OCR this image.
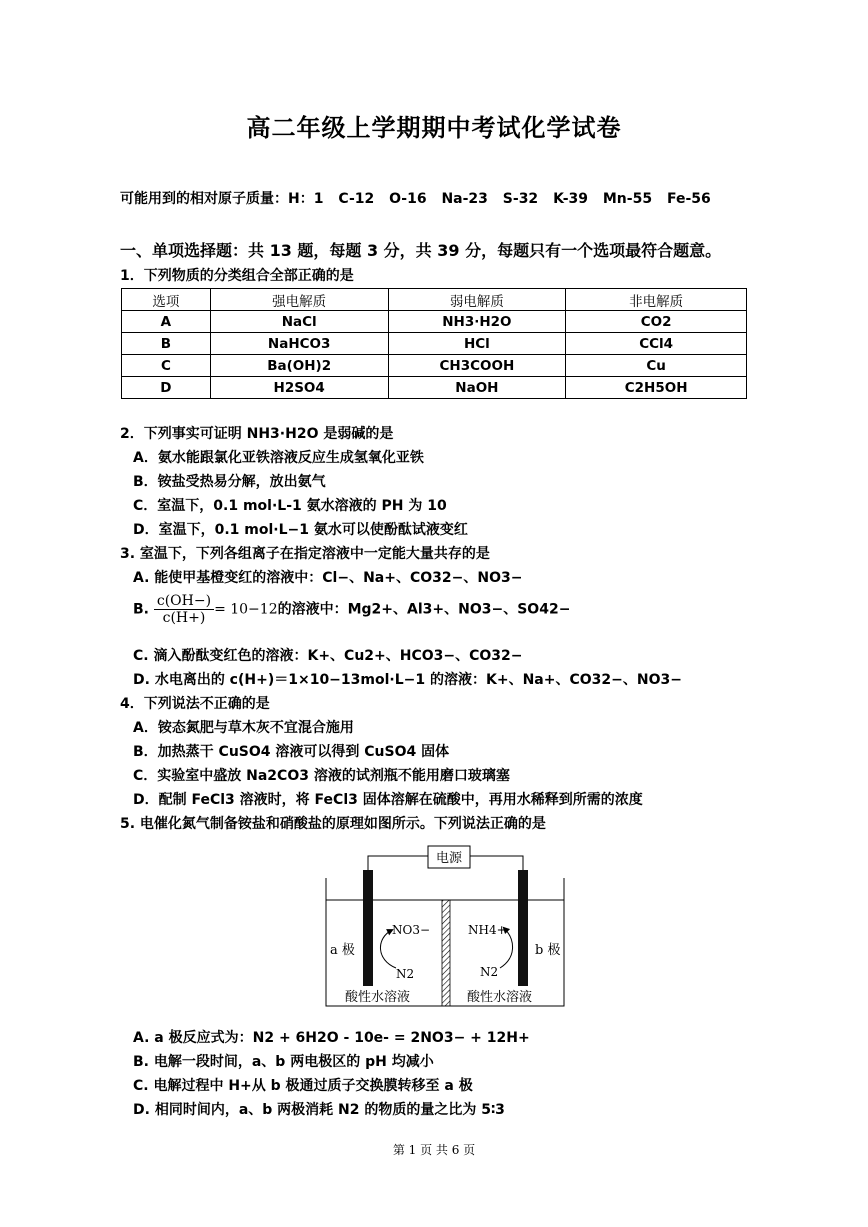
高二年级上学期期中考试化学试卷
可能用到的相对原子质量：H：1 C-12 O-16 Na-23 S-32 K-39 Mn-55 Fe-56
一、单项选择题：共 13 题，每题 3 分，共 39 分，每题只有一个选项最符合题意。
1．下列物质的分类组合全部正确的是
选项	强电解质	弱电解质	非电解质
A	NaCl	NH3·H2O	CO2
B	NaHCO3	HCl	CCl4
C	Ba(OH)2	CH3COOH	Cu
D	H2SO4	NaOH	C2H5OH
2．下列事实可证明 NH3·H2O 是弱碱的是
A．氨水能跟氯化亚铁溶液反应生成氢氧化亚铁
B．铵盐受热易分解，放出氨气
C．室温下，0.1 mol·L-1 氨水溶液的 PH 为 10
D．室温下，0.1 mol·L−1 氨水可以使酚酞试液变红
3. 室温下，下列各组离子在指定溶液中一定能大量共存的是
A. 能使甲基橙变红的溶液中：Cl−、Na+、CO32−、NO3−
B. $\frac{c(OH-)}{c(H+)} = 10-12$的溶液中：Mg2+、Al3+、NO3−、SO42−
C. 滴入酚酞变红色的溶液：K+、Cu2+、HCO3−、CO32−
D. 水电离出的 c(H+)＝1×10−13mol·L−1 的溶液：K+、Na+、CO32−、NO3−
4．下列说法不正确的是
A．铵态氮肥与草木灰不宜混合施用
B．加热蒸干 CuSO4 溶液可以得到 CuSO4 固体
C．实验室中盛放 Na2CO3 溶液的试剂瓶不能用磨口玻璃塞
D．配制 FeCl3 溶液时，将 FeCl3 固体溶解在硫酸中，再用水稀释到所需的浓度
5. 电催化氮气制备铵盐和硝酸盐的原理如图所示。下列说法正确的是
电源
a 极	b 极
NO3−	NH4+
N2	N2
酸性水溶液	酸性水溶液
A. a 极反应式为：N2 + 6H2O - 10e- = 2NO3− + 12H+
B. 电解一段时间，a、b 两电极区的 pH 均减小
C. 电解过程中 H+从 b 极通过质子交换膜转移至 a 极
D. 相同时间内，a、b 两极消耗 N2 的物质的量之比为 5∶3
第 1 页 共 6 页
